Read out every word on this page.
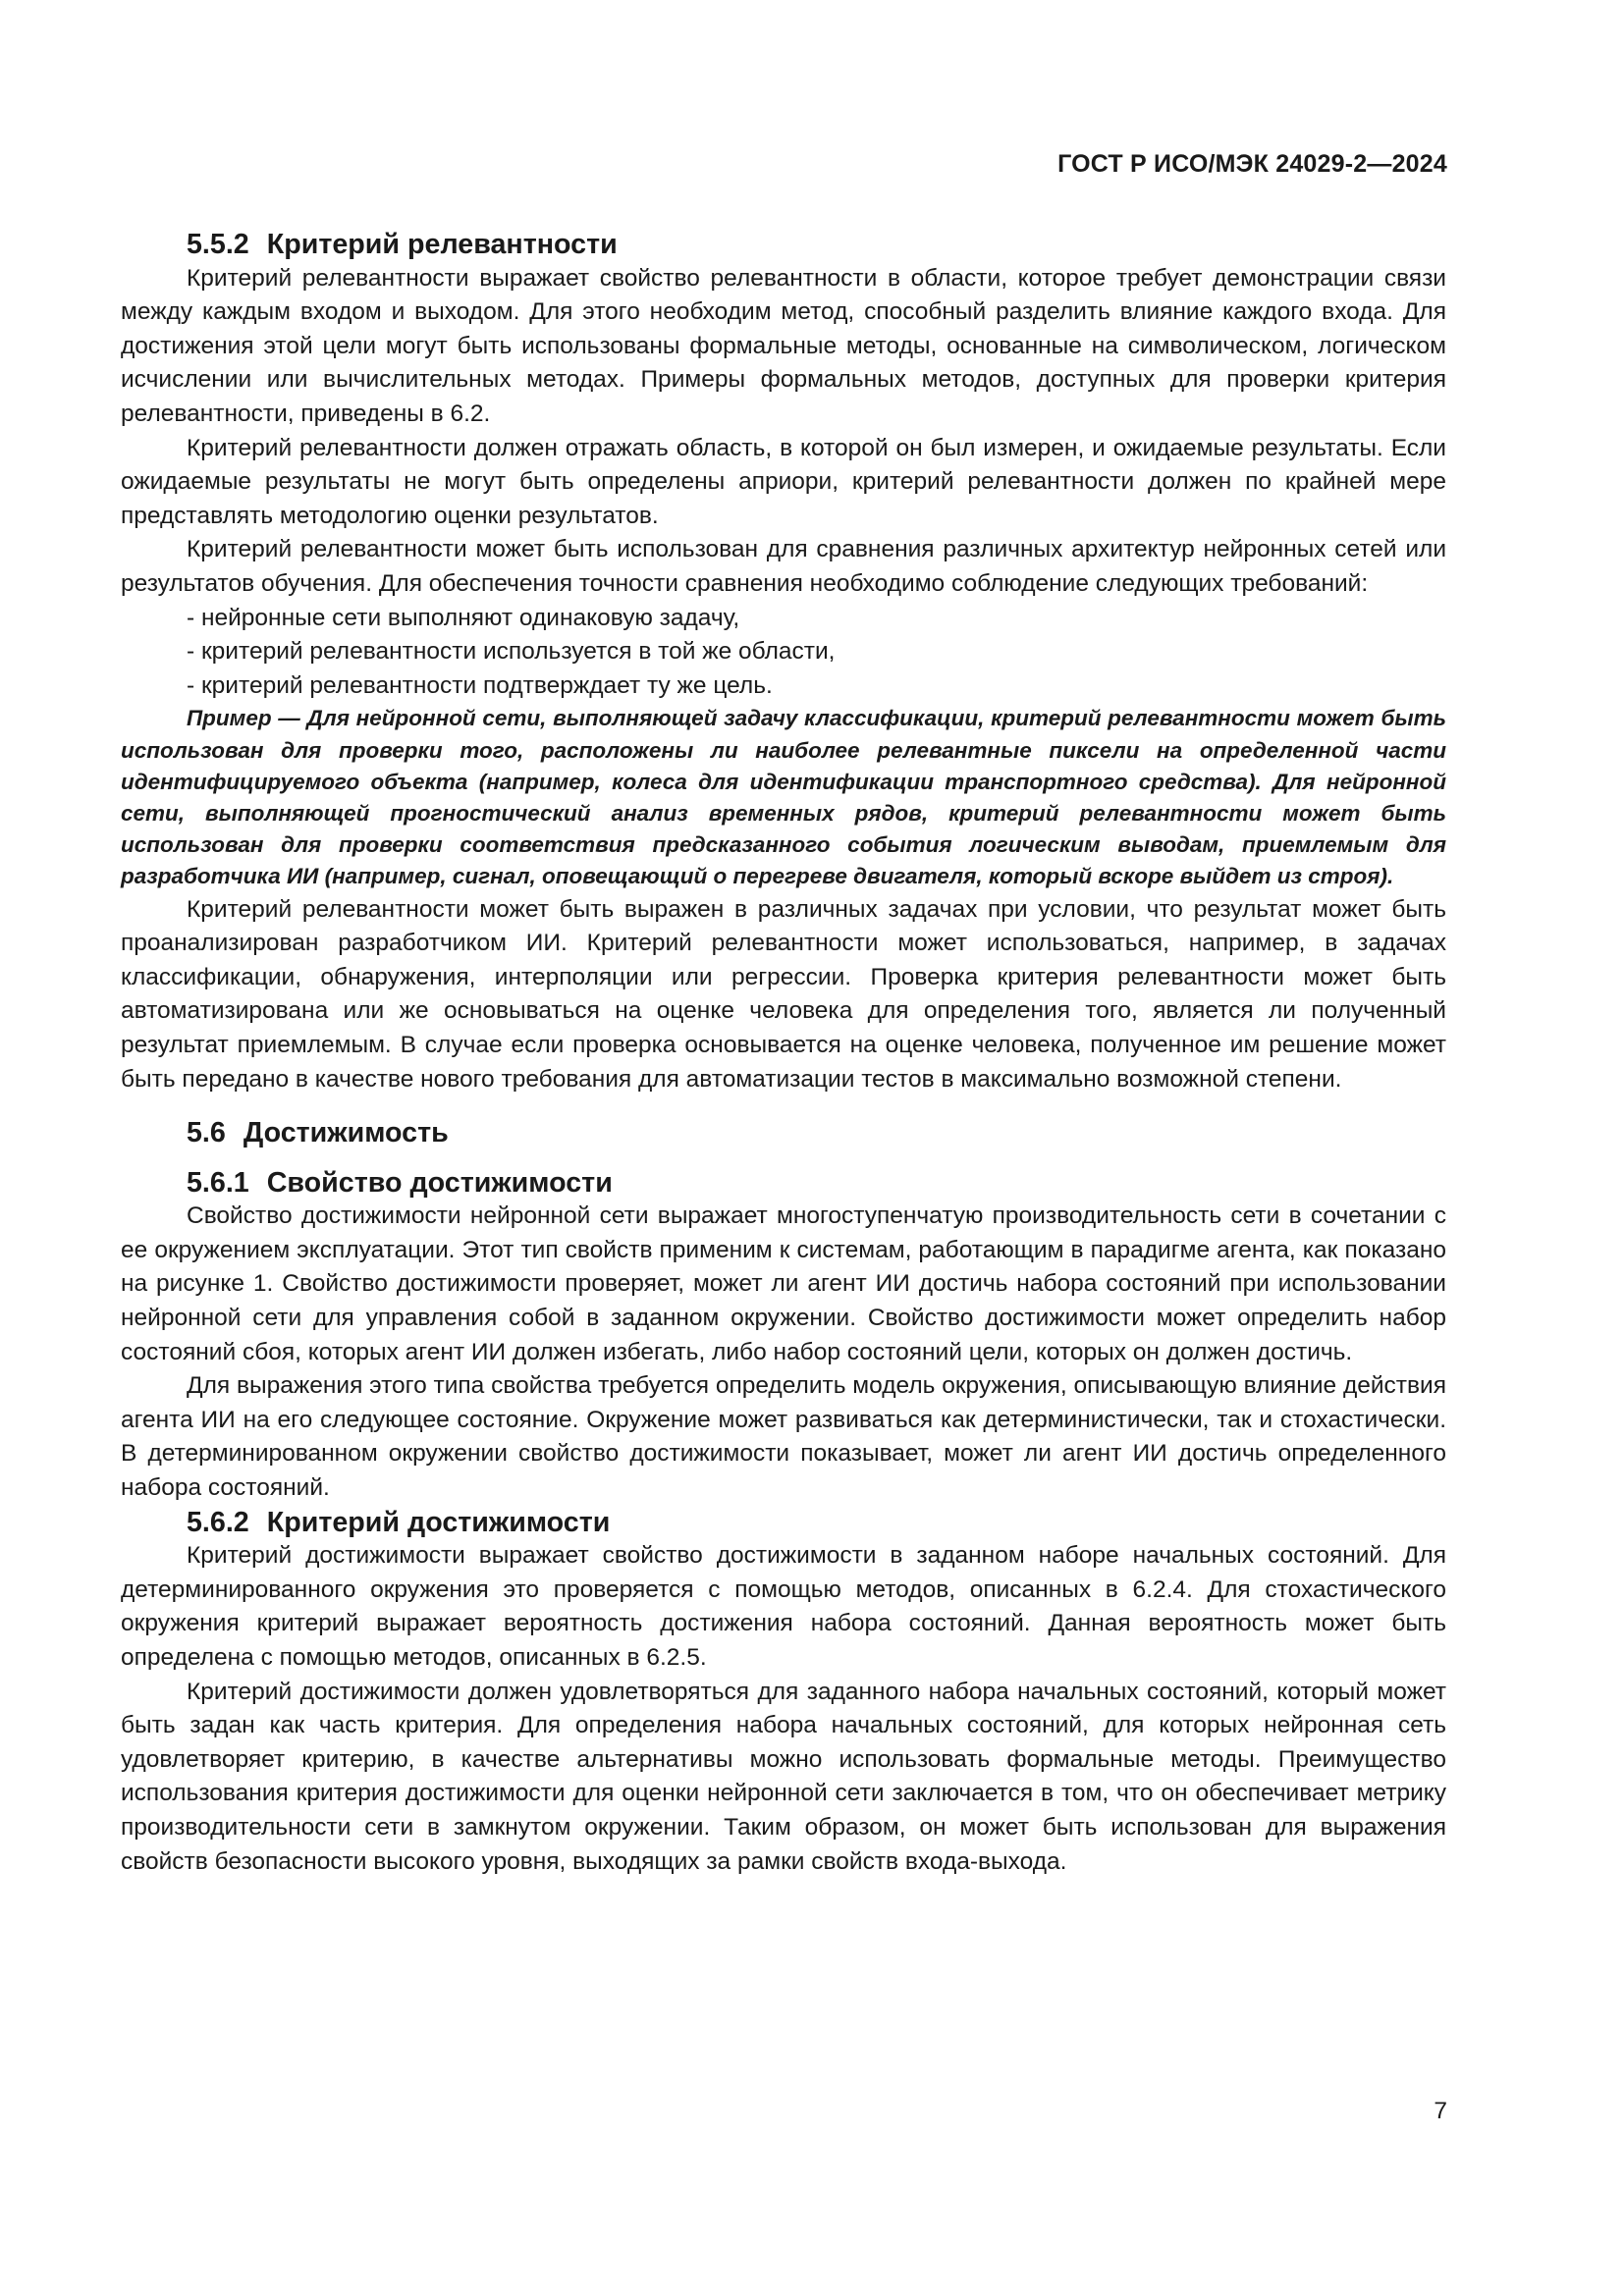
ГОСТ Р ИСО/МЭК 24029-2—2024
5.5.2 Критерий релевантности

Критерий релевантности выражает свойство релевантности в области, которое требует демонстрации связи между каждым входом и выходом. Для этого необходим метод, способный разделить влияние каждого входа. Для достижения этой цели могут быть использованы формальные методы, основанные на символическом, логическом исчислении или вычислительных методах. Примеры формальных методов, доступных для проверки критерия релевантности, приведены в 6.2.

Критерий релевантности должен отражать область, в которой он был измерен, и ожидаемые результаты. Если ожидаемые результаты не могут быть определены априори, критерий релевантности должен по крайней мере представлять методологию оценки результатов.

Критерий релевантности может быть использован для сравнения различных архитектур нейронных сетей или результатов обучения. Для обеспечения точности сравнения необходимо соблюдение следующих требований:

- нейронные сети выполняют одинаковую задачу,
- критерий релевантности используется в той же области,
- критерий релевантности подтверждает ту же цель.

Пример — Для нейронной сети, выполняющей задачу классификации, критерий релевантности может быть использован для проверки того, расположены ли наиболее релевантные пиксели на определенной части идентифицируемого объекта (например, колеса для идентификации транспортного средства). Для нейронной сети, выполняющей прогностический анализ временных рядов, критерий релевантности может быть использован для проверки соответствия предсказанного события логическим выводам, приемлемым для разработчика ИИ (например, сигнал, оповещающий о перегреве двигателя, который вскоре выйдет из строя).

Критерий релевантности может быть выражен в различных задачах при условии, что результат может быть проанализирован разработчиком ИИ. Критерий релевантности может использоваться, например, в задачах классификации, обнаружения, интерполяции или регрессии. Проверка критерия релевантности может быть автоматизирована или же основываться на оценке человека для определения того, является ли полученный результат приемлемым. В случае если проверка основывается на оценке человека, полученное им решение может быть передано в качестве нового требования для автоматизации тестов в максимально возможной степени.

5.6 Достижимость
5.6.1 Свойство достижимости

Свойство достижимости нейронной сети выражает многоступенчатую производительность сети в сочетании с ее окружением эксплуатации. Этот тип свойств применим к системам, работающим в парадигме агента, как показано на рисунке 1. Свойство достижимости проверяет, может ли агент ИИ достичь набора состояний при использовании нейронной сети для управления собой в заданном окружении. Свойство достижимости может определить набор состояний сбоя, которых агент ИИ должен избегать, либо набор состояний цели, которых он должен достичь.

Для выражения этого типа свойства требуется определить модель окружения, описывающую влияние действия агента ИИ на его следующее состояние. Окружение может развиваться как детерминистически, так и стохастически. В детерминированном окружении свойство достижимости показывает, может ли агент ИИ достичь определенного набора состояний.

5.6.2 Критерий достижимости

Критерий достижимости выражает свойство достижимости в заданном наборе начальных состояний. Для детерминированного окружения это проверяется с помощью методов, описанных в 6.2.4. Для стохастического окружения критерий выражает вероятность достижения набора состояний. Данная вероятность может быть определена с помощью методов, описанных в 6.2.5.

Критерий достижимости должен удовлетворяться для заданного набора начальных состояний, который может быть задан как часть критерия. Для определения набора начальных состояний, для которых нейронная сеть удовлетворяет критерию, в качестве альтернативы можно использовать формальные методы. Преимущество использования критерия достижимости для оценки нейронной сети заключается в том, что он обеспечивает метрику производительности сети в замкнутом окружении. Таким образом, он может быть использован для выражения свойств безопасности высокого уровня, выходящих за рамки свойств входа-выхода.

7
